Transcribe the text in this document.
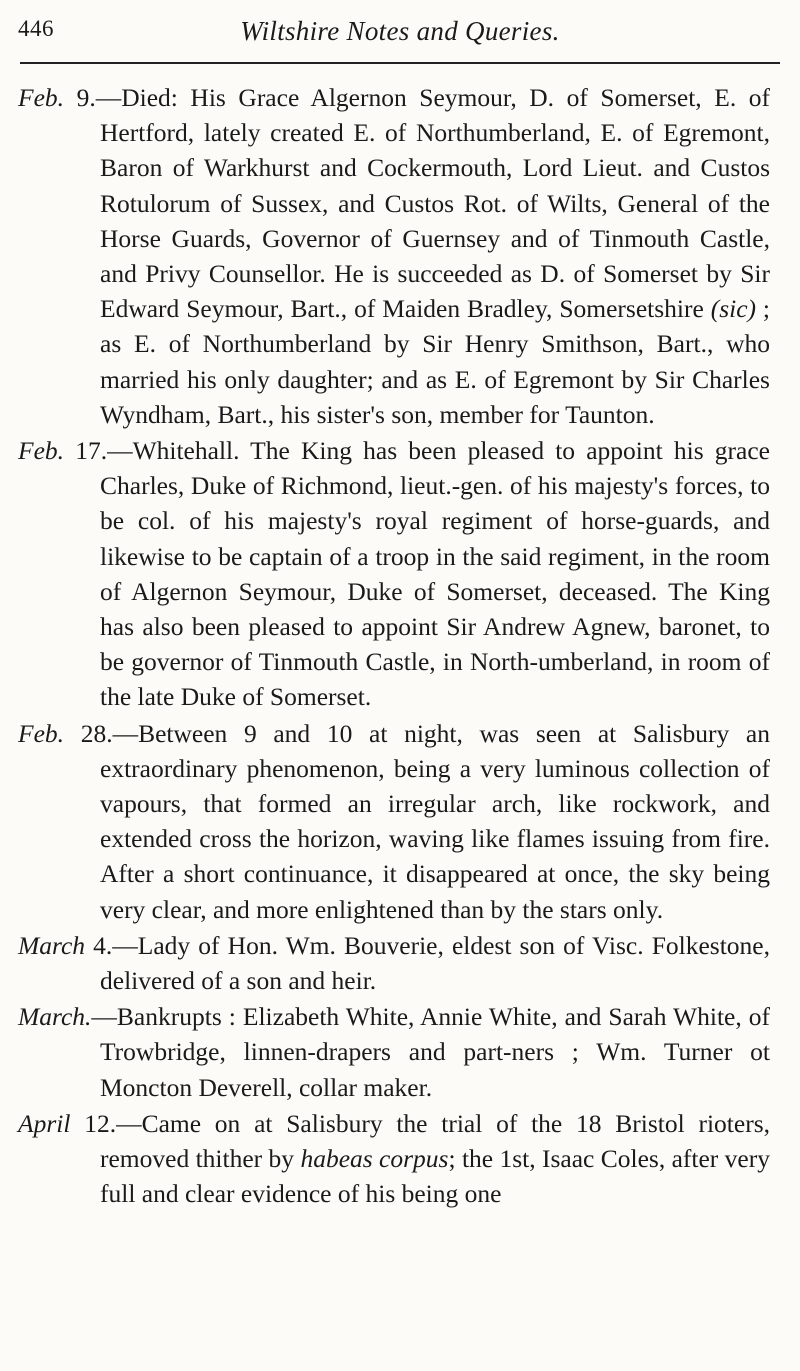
446	Wiltshire Notes and Queries.

Feb. 9.—Died: His Grace Algernon Seymour, D. of Somerset, E. of Hertford, lately created E. of Northumberland, E. of Egremont, Baron of Warkhurst and Cockermouth, Lord Lieut. and Custos Rotulorum of Sussex, and Custos Rot. of Wilts, General of the Horse Guards, Governor of Guernsey and of Tinmouth Castle, and Privy Counsellor. He is succeeded as D. of Somerset by Sir Edward Seymour, Bart., of Maiden Bradley, Somersetshire (sic) ; as E. of Northumberland by Sir Henry Smithson, Bart., who married his only daughter; and as E. of Egremont by Sir Charles Wyndham, Bart., his sister's son, member for Taunton.

Feb. 17.—Whitehall. The King has been pleased to appoint his grace Charles, Duke of Richmond, lieut.-gen. of his majesty's forces, to be col. of his majesty's royal regiment of horse-guards, and likewise to be captain of a troop in the said regiment, in the room of Algernon Seymour, Duke of Somerset, deceased. The King has also been pleased to appoint Sir Andrew Agnew, baronet, to be governor of Tinmouth Castle, in North-umberland, in room of the late Duke of Somerset.

Feb. 28.—Between 9 and 10 at night, was seen at Salisbury an extraordinary phenomenon, being a very luminous collection of vapours, that formed an irregular arch, like rockwork, and extended cross the horizon, waving like flames issuing from fire. After a short continuance, it disappeared at once, the sky being very clear, and more enlightened than by the stars only.

March 4.—Lady of Hon. Wm. Bouverie, eldest son of Visc. Folkestone, delivered of a son and heir.

March.—Bankrupts : Elizabeth White, Annie White, and Sarah White, of Trowbridge, linnen-drapers and part-ners ; Wm. Turner ot Moncton Deverell, collar maker.

April 12.—Came on at Salisbury the trial of the 18 Bristol rioters, removed thither by habeas corpus; the 1st, Isaac Coles, after very full and clear evidence of his being one
